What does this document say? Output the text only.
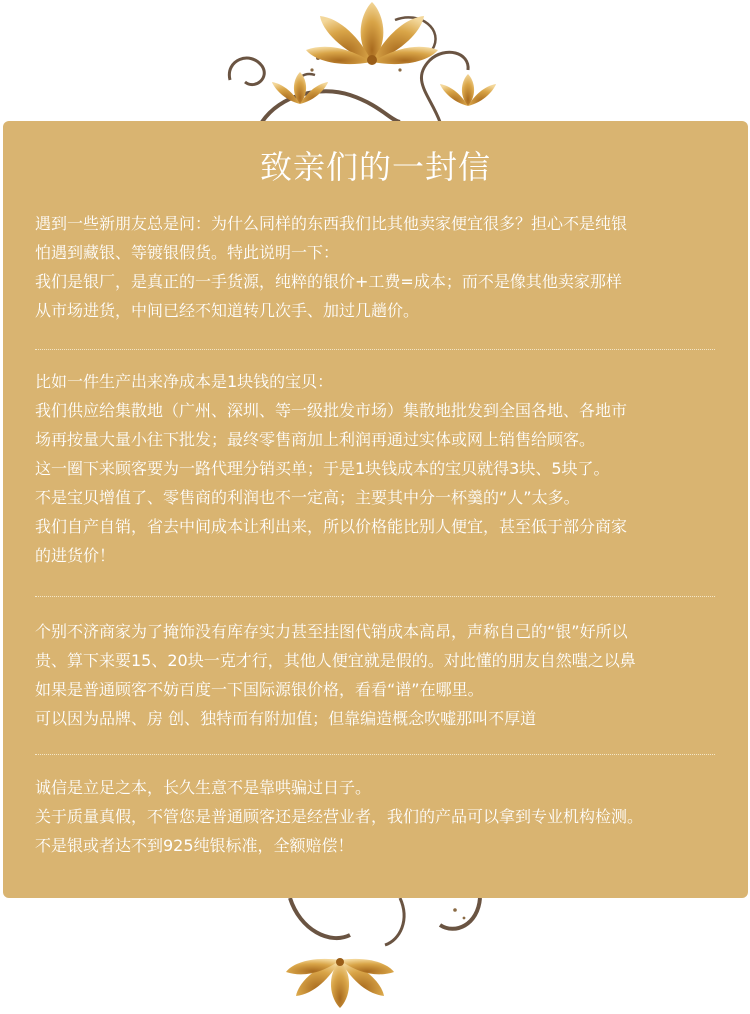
致亲们的一封信
遇到一些新朋友总是问：为什么同样的东西我们比其他卖家便宜很多？担心不是纯银
怕遇到藏银、等镀银假货。特此说明一下：
我们是银厂，是真正的一手货源，纯粹的银价+工费=成本；而不是像其他卖家那样
从市场进货，中间已经不知道转几次手、加过几趟价。
比如一件生产出来净成本是1块钱的宝贝：
我们供应给集散地（广州、深圳、等一级批发市场）集散地批发到全国各地、各地市
场再按量大量小往下批发；最终零售商加上利润再通过实体或网上销售给顾客。
这一圈下来顾客要为一路代理分销买单；于是1块钱成本的宝贝就得3块、5块了。
不是宝贝增值了、零售商的利润也不一定高；主要其中分一杯羹的“人”太多。
我们自产自销，省去中间成本让利出来，所以价格能比别人便宜，甚至低于部分商家
的进货价！
个别不济商家为了掩饰没有库存实力甚至挂图代销成本高昂，声称自己的“银”好所以
贵、算下来要15、20块一克才行，其他人便宜就是假的。对此懂的朋友自然嗤之以鼻
如果是普通顾客不妨百度一下国际源银价格，看看“谱”在哪里。
可以因为品牌、房 创、独特而有附加值；但靠编造概念吹嘘那叫不厚道
诚信是立足之本，长久生意不是靠哄骗过日子。
关于质量真假，不管您是普通顾客还是经营业者，我们的产品可以拿到专业机构检测。
不是银或者达不到925纯银标准，全额赔偿！
